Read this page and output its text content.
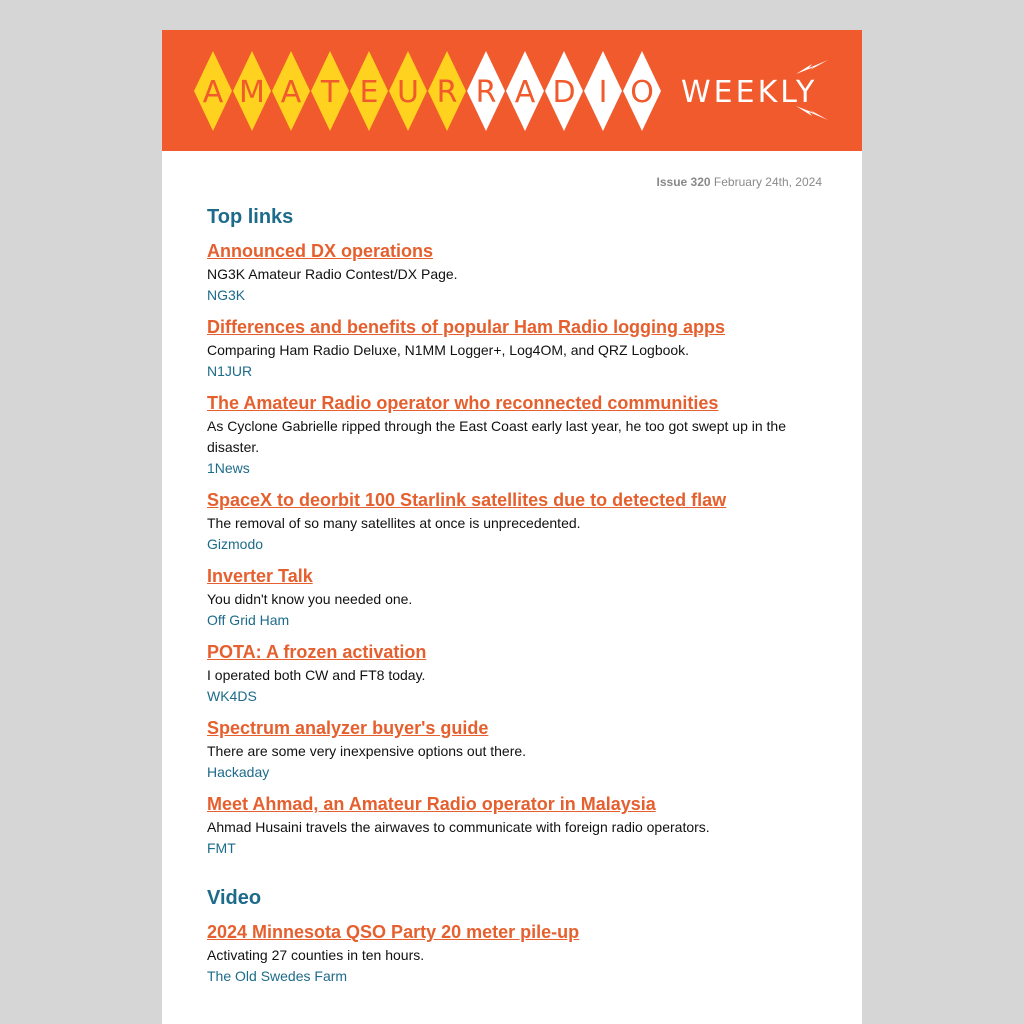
A M A T E U R R A D I O WEEKLY
Issue 320 February 24th, 2024
Top links
Announced DX operations
NG3K Amateur Radio Contest/DX Page.
NG3K
Differences and benefits of popular Ham Radio logging apps
Comparing Ham Radio Deluxe, N1MM Logger+, Log4OM, and QRZ Logbook.
N1JUR
The Amateur Radio operator who reconnected communities
As Cyclone Gabrielle ripped through the East Coast early last year, he too got swept up in the disaster.
1News
SpaceX to deorbit 100 Starlink satellites due to detected flaw
The removal of so many satellites at once is unprecedented.
Gizmodo
Inverter Talk
You didn't know you needed one.
Off Grid Ham
POTA: A frozen activation
I operated both CW and FT8 today.
WK4DS
Spectrum analyzer buyer's guide
There are some very inexpensive options out there.
Hackaday
Meet Ahmad, an Amateur Radio operator in Malaysia
Ahmad Husaini travels the airwaves to communicate with foreign radio operators.
FMT
Video
2024 Minnesota QSO Party 20 meter pile-up
Activating 27 counties in ten hours.
The Old Swedes Farm
